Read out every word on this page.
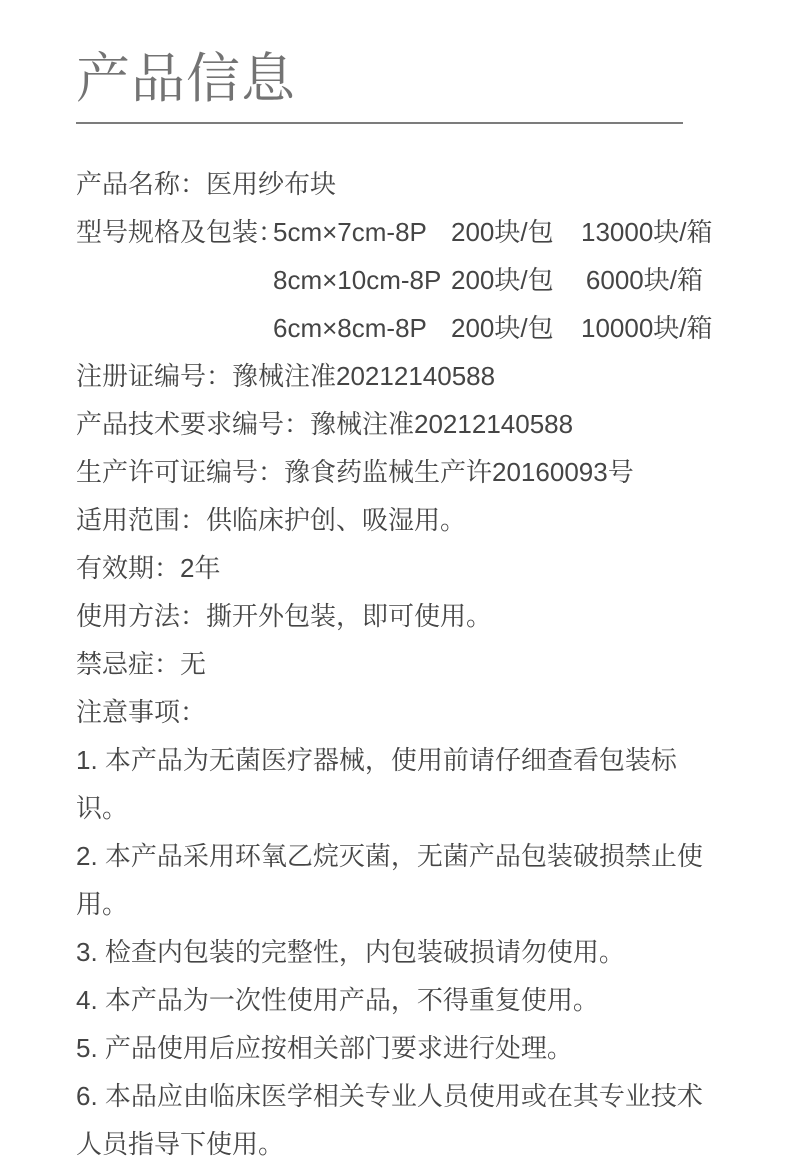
产品信息
产品名称：医用纱布块
型号规格及包装：
5cm×7cm-8P 200块/包	13000块/箱
8cm×10cm-8P 200块/包	6000块/箱
6cm×8cm-8P 200块/包	10000块/箱
注册证编号：豫械注准20212140588
产品技术要求编号：豫械注准20212140588
生产许可证编号：豫食药监械生产许20160093号
适用范围：供临床护创、吸湿用。
有效期：2年
使用方法：撕开外包装，即可使用。
禁忌症：无
注意事项：
1. 本产品为无菌医疗器械，使用前请仔细查看包装标识。
2. 本产品采用环氧乙烷灭菌，无菌产品包装破损禁止使用。
3. 检查内包装的完整性，内包装破损请勿使用。
4. 本产品为一次性使用产品，不得重复使用。
5. 产品使用后应按相关部门要求进行处理。
6. 本品应由临床医学相关专业人员使用或在其专业技术人员指导下使用。
